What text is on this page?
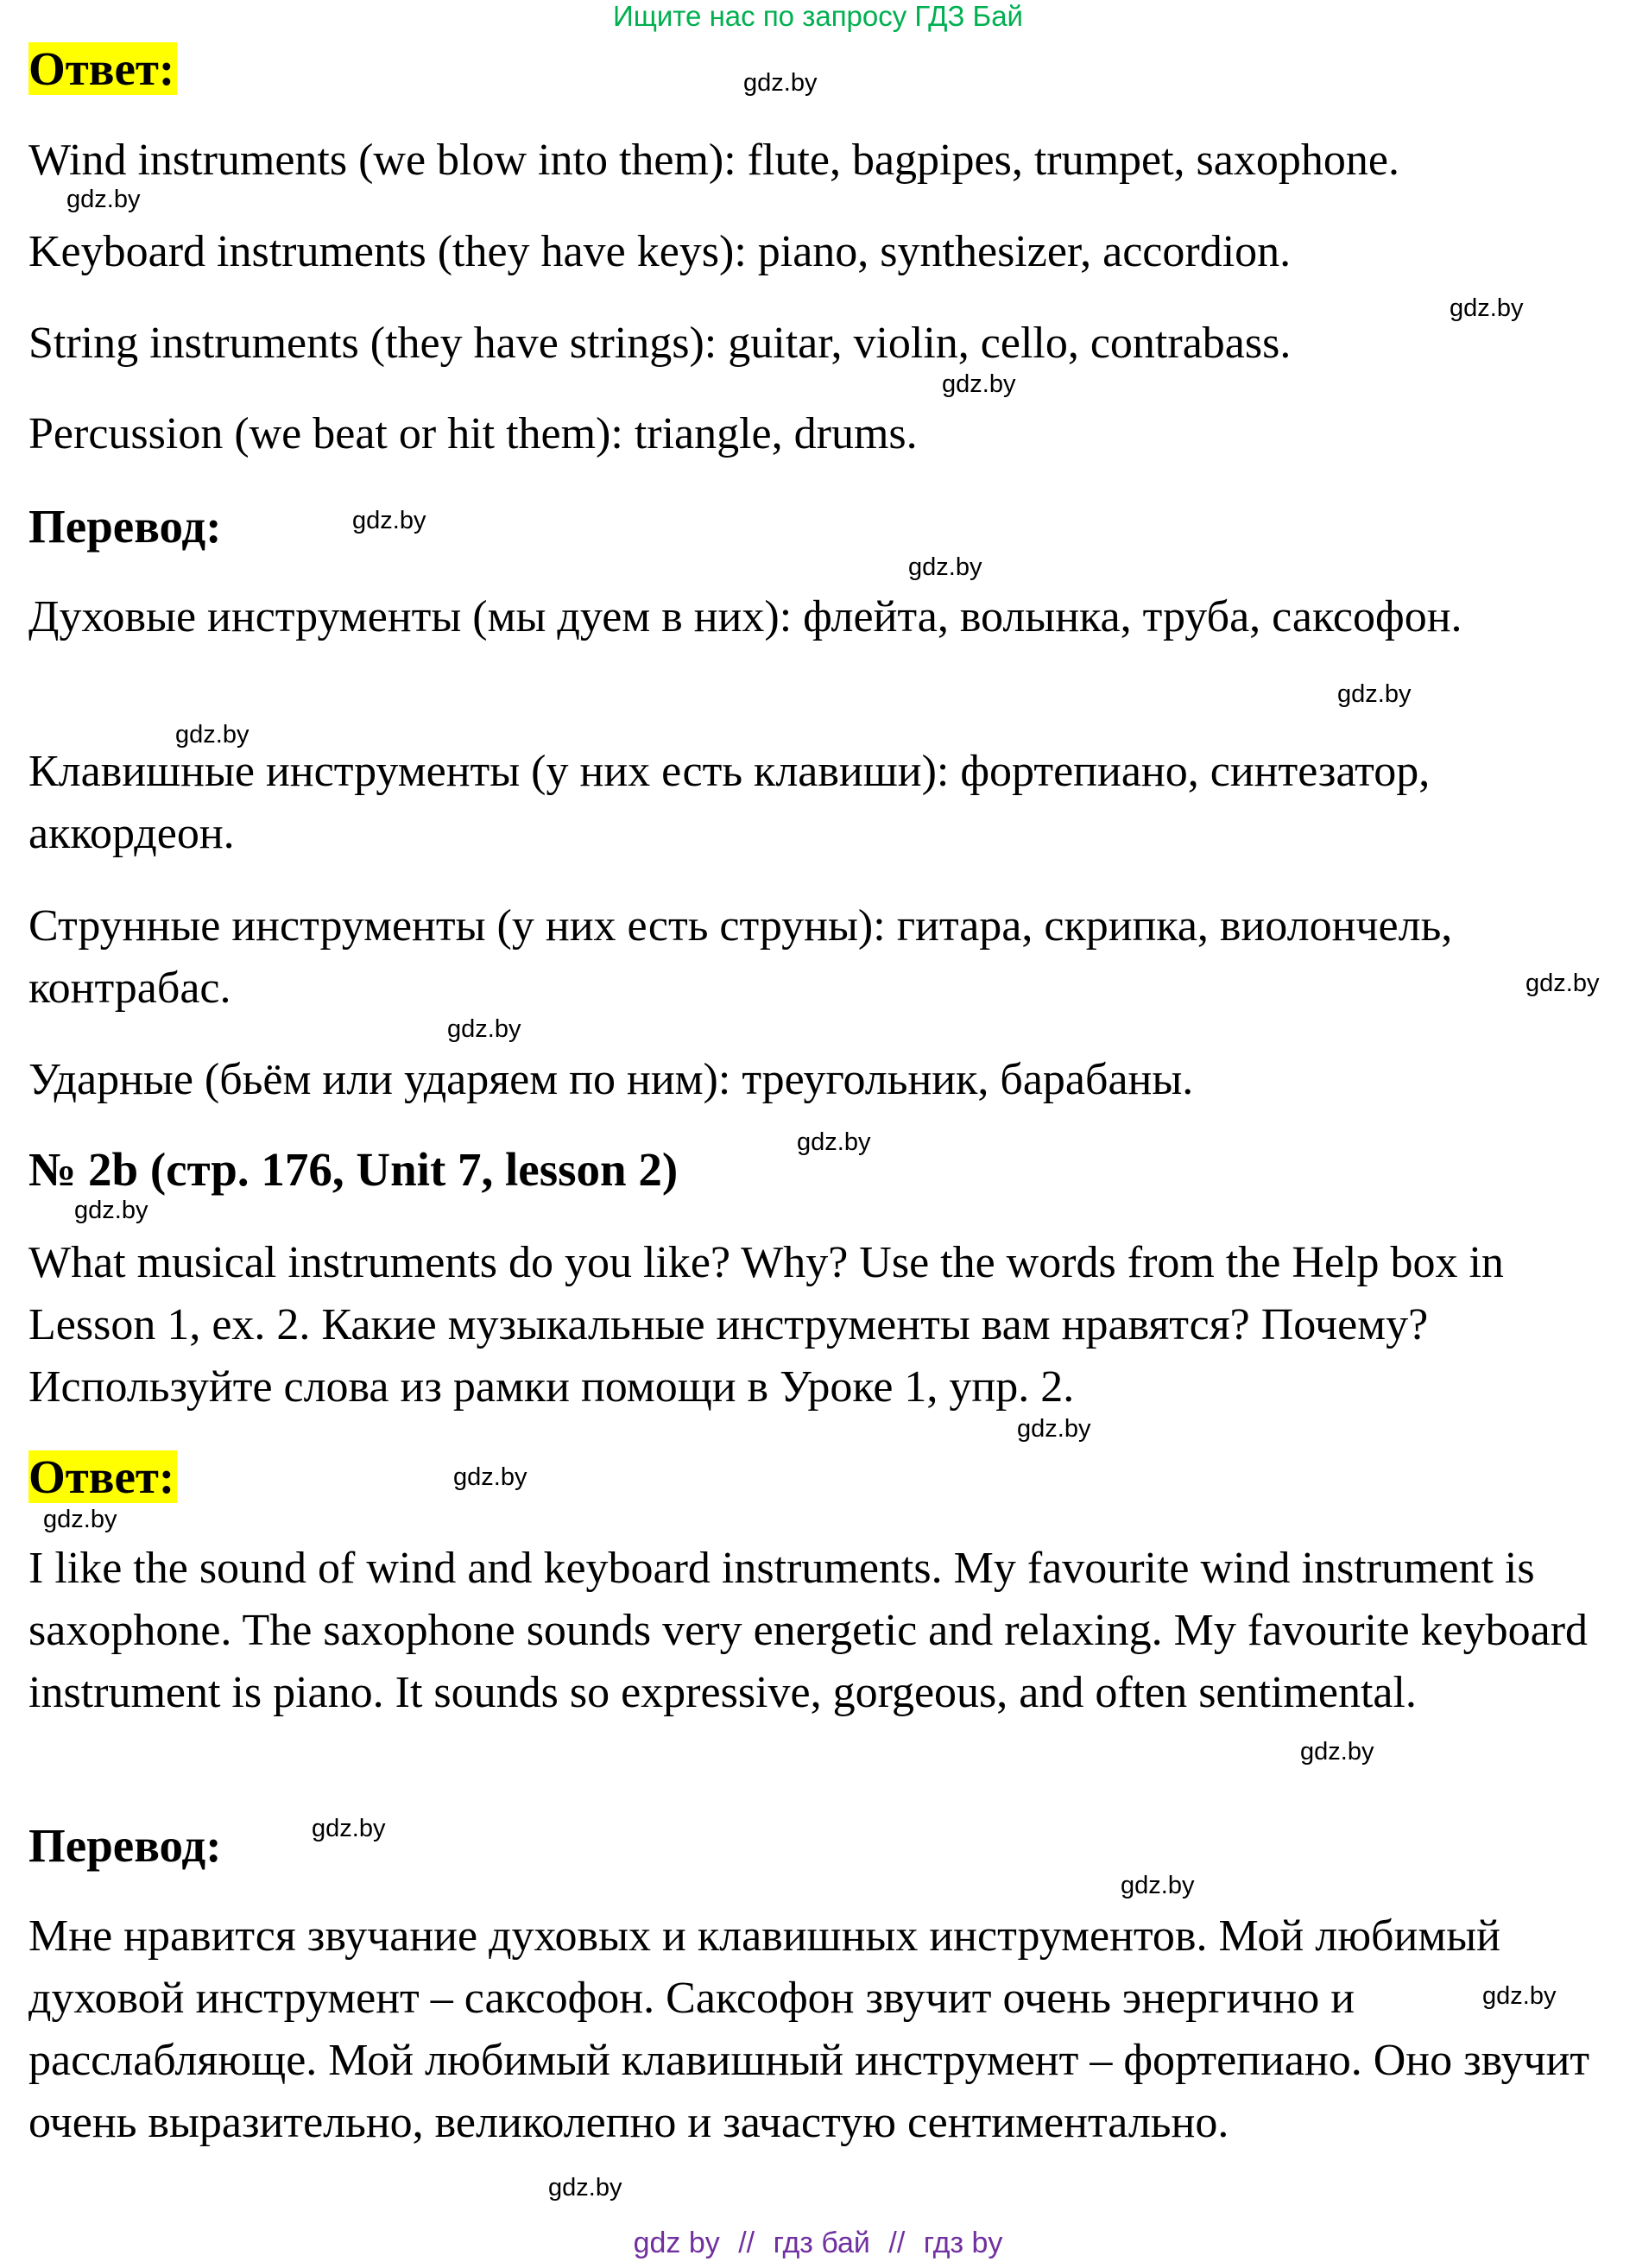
Ищите нас по запросу ГДЗ Бай
Ответ:
Wind instruments (we blow into them): flute, bagpipes, trumpet, saxophone.
Keyboard instruments (they have keys): piano, synthesizer, accordion.
String instruments (they have strings): guitar, violin, cello, contrabass.
Percussion (we beat or hit them): triangle, drums.
Перевод:
Духовые инструменты (мы дуем в них): флейта, волынка, труба, саксофон.
Клавишные инструменты (у них есть клавиши): фортепиано, синтезатор, аккордеон.
Струнные инструменты (у них есть струны): гитара, скрипка, виолончель, контрабас.
Ударные (бьём или ударяем по ним): треугольник, барабаны.
№ 2b (стр. 176, Unit 7, lesson 2)
What musical instruments do you like? Why? Use the words from the Help box in Lesson 1, ex. 2. Какие музыкальные инструменты вам нравятся? Почему? Используйте слова из рамки помощи в Уроке 1, упр. 2.
Ответ:
I like the sound of wind and keyboard instruments. My favourite wind instrument is saxophone. The saxophone sounds very energetic and relaxing. My favourite keyboard instrument is piano. It sounds so expressive, gorgeous, and often sentimental.
Перевод:
Мне нравится звучание духовых и клавишных инструментов. Мой любимый духовой инструмент – саксофон. Саксофон звучит очень энергично и расслабляюще. Мой любимый клавишный инструмент – фортепиано. Оно звучит очень выразительно, великолепно и зачастую сентиментально.
gdz.by
gdz.by
gdz.by
gdz.by
gdz.by
gdz.by
gdz.by
gdz.by
gdz.by
gdz.by
gdz.by
gdz.by
gdz.by
gdz.by
gdz.by
gdz.by
gdz.by
gdz.by
gdz.by
gdz.by
gdz by // гдз бай // гдз by
